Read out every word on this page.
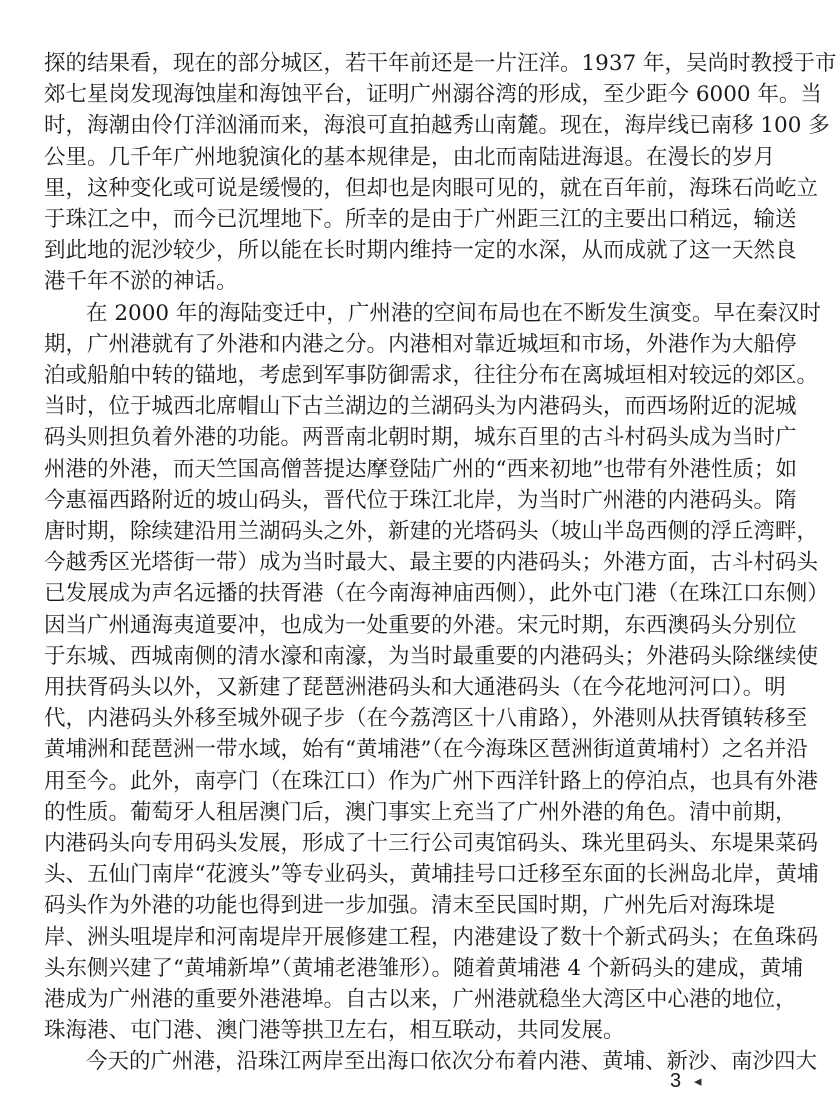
探的结果看，现在的部分城区，若干年前还是一片汪洋。1937 年，吴尚时教授于市
郊七星岗发现海蚀崖和海蚀平台，证明广州溺谷湾的形成，至少距今 6000 年。当
时，海潮由伶仃洋汹涌而来，海浪可直拍越秀山南麓。现在，海岸线已南移 100 多
公里。几千年广州地貌演化的基本规律是，由北而南陆进海退。在漫长的岁月
里，这种变化或可说是缓慢的，但却也是肉眼可见的，就在百年前，海珠石尚屹立
于珠江之中，而今已沉埋地下。所幸的是由于广州距三江的主要出口稍远，输送
到此地的泥沙较少，所以能在长时期内维持一定的水深，从而成就了这一天然良
港千年不淤的神话。
在 2000 年的海陆变迁中，广州港的空间布局也在不断发生演变。早在秦汉时
期，广州港就有了外港和内港之分。内港相对靠近城垣和市场，外港作为大船停
泊或船舶中转的锚地，考虑到军事防御需求，往往分布在离城垣相对较远的郊区。
当时，位于城西北席帽山下古兰湖边的兰湖码头为内港码头，而西场附近的泥城
码头则担负着外港的功能。两晋南北朝时期，城东百里的古斗村码头成为当时广
州港的外港，而天竺国高僧菩提达摩登陆广州的“西来初地”也带有外港性质；如
今惠福西路附近的坡山码头，晋代位于珠江北岸，为当时广州港的内港码头。隋
唐时期，除续建沿用兰湖码头之外，新建的光塔码头（坡山半岛西侧的浮丘湾畔，
今越秀区光塔街一带）成为当时最大、最主要的内港码头；外港方面，古斗村码头
已发展成为声名远播的扶胥港（在今南海神庙西侧），此外屯门港（在珠江口东侧）
因当广州通海夷道要冲，也成为一处重要的外港。宋元时期，东西澳码头分别位
于东城、西城南侧的清水濠和南濠，为当时最重要的内港码头；外港码头除继续使
用扶胥码头以外，又新建了琵琶洲港码头和大通港码头（在今花地河河口）。明
代，内港码头外移至城外砚子步（在今荔湾区十八甫路），外港则从扶胥镇转移至
黄埔洲和琵琶洲一带水域，始有“黄埔港”（在今海珠区琶洲街道黄埔村）之名并沿
用至今。此外，南亭门（在珠江口）作为广州下西洋针路上的停泊点，也具有外港
的性质。葡萄牙人租居澳门后，澳门事实上充当了广州外港的角色。清中前期，
内港码头向专用码头发展，形成了十三行公司夷馆码头、珠光里码头、东堤果菜码
头、五仙门南岸“花渡头”等专业码头，黄埔挂号口迁移至东面的长洲岛北岸，黄埔
码头作为外港的功能也得到进一步加强。清末至民国时期，广州先后对海珠堤
岸、洲头咀堤岸和河南堤岸开展修建工程，内港建设了数十个新式码头；在鱼珠码
头东侧兴建了“黄埔新埠”（黄埔老港雏形）。随着黄埔港 4 个新码头的建成，黄埔
港成为广州港的重要外港港埠。自古以来，广州港就稳坐大湾区中心港的地位，
珠海港、屯门港、澳门港等拱卫左右，相互联动，共同发展。
今天的广州港，沿珠江两岸至出海口依次分布着内港、黄埔、新沙、南沙四大
3 ◂
